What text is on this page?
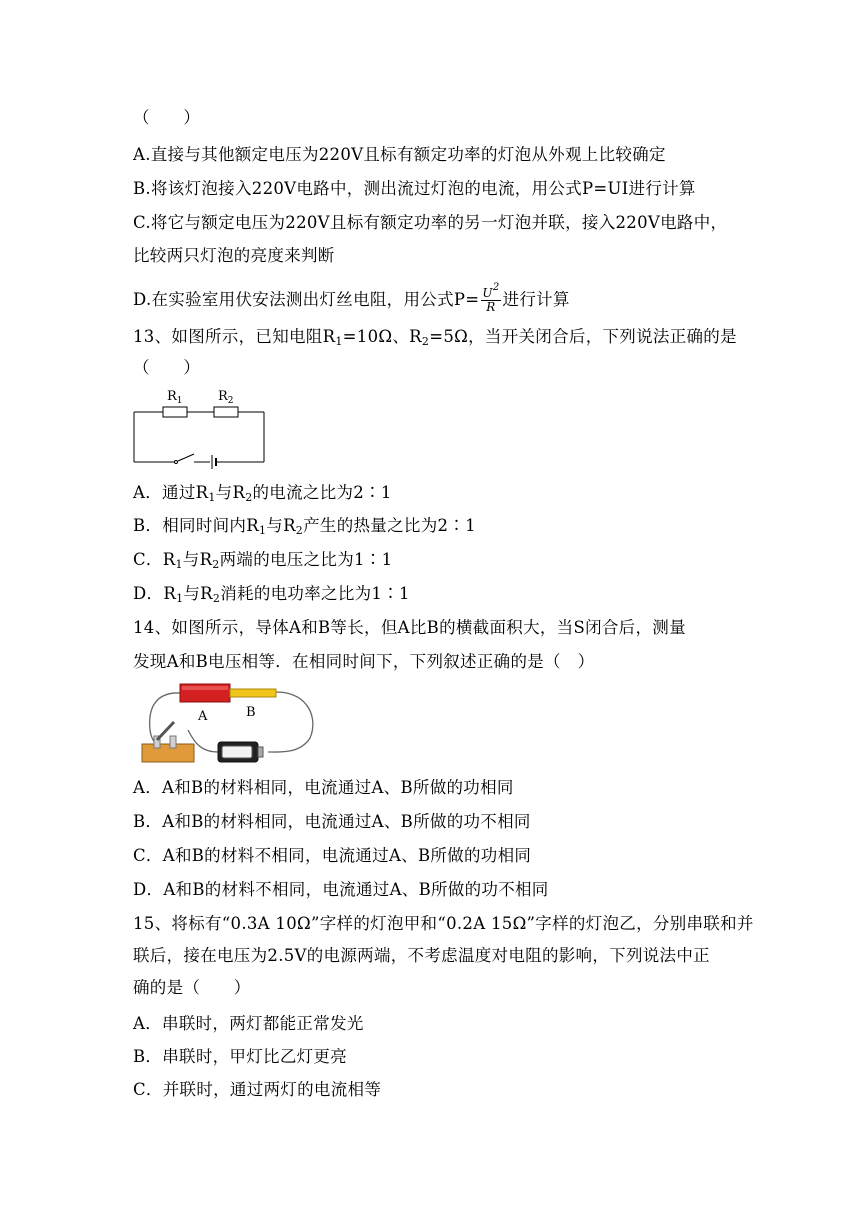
（　　）
A.直接与其他额定电压为220V且标有额定功率的灯泡从外观上比较确定
B.将该灯泡接入220V电路中，测出流过灯泡的电流，用公式P=UI进行计算
C.将它与额定电压为220V且标有额定功率的另一灯泡并联，接入220V电路中，
比较两只灯泡的亮度来判断
D.在实验室用伏安法测出灯丝电阻，用公式$P= \frac{U^2}{R}$ 进行计算
13、如图所示，已知电阻$R_1=10\Omega$、$R_2=5\Omega$，当开关闭合后，下列说法正确的是
（　　）
$R_1$	$R_2$
A．通过$R_1$与$R_2$的电流之比为2∶1
B．相同时间内$R_1$与$R_2$产生的热量之比为2∶1
C．$R_1$与$R_2$两端的电压之比为1∶1
D．$R_1$与$R_2$消耗的电功率之比为1∶1
14、如图所示，导体A和B等长，但A比B的横截面积大，当S闭合后，测量
发现A和B电压相等．在相同时间下，下列叙述正确的是（　）
A	B
A．A和B的材料相同，电流通过A、B所做的功相同
B．A和B的材料相同，电流通过A、B所做的功不相同
C．A和B的材料不相同，电流通过A、B所做的功相同
D．A和B的材料不相同，电流通过A、B所做的功不相同
15、将标有“0.3A 10Ω”字样的灯泡甲和“0.2A 15Ω”字样的灯泡乙，分别串联和并
联后，接在电压为2.5V的电源两端，不考虑温度对电阻的影响，下列说法中正
确的是（　　）
A．串联时，两灯都能正常发光
B．串联时，甲灯比乙灯更亮
C．并联时，通过两灯的电流相等
